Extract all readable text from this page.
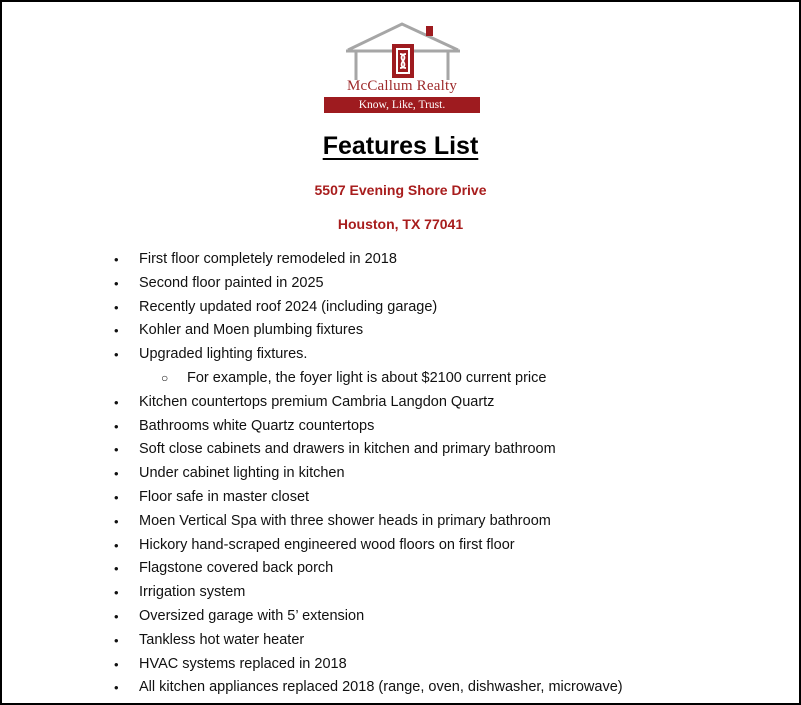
McCallum Realty
Know, Like, Trust.
Features List
5507 Evening Shore Drive
Houston, TX 77041
• First floor completely remodeled in 2018
• Second floor painted in 2025
• Recently updated roof 2024 (including garage)
• Kohler and Moen plumbing fixtures
• Upgraded lighting fixtures.
○ For example, the foyer light is about $2100 current price
• Kitchen countertops premium Cambria Langdon Quartz
• Bathrooms white Quartz countertops
• Soft close cabinets and drawers in kitchen and primary bathroom
• Under cabinet lighting in kitchen
• Floor safe in master closet
• Moen Vertical Spa with three shower heads in primary bathroom
• Hickory hand-scraped engineered wood floors on first floor
• Flagstone covered back porch
• Irrigation system
• Oversized garage with 5’ extension
• Tankless hot water heater
• HVAC systems replaced in 2018
• All kitchen appliances replaced 2018 (range, oven, dishwasher, microwave)
